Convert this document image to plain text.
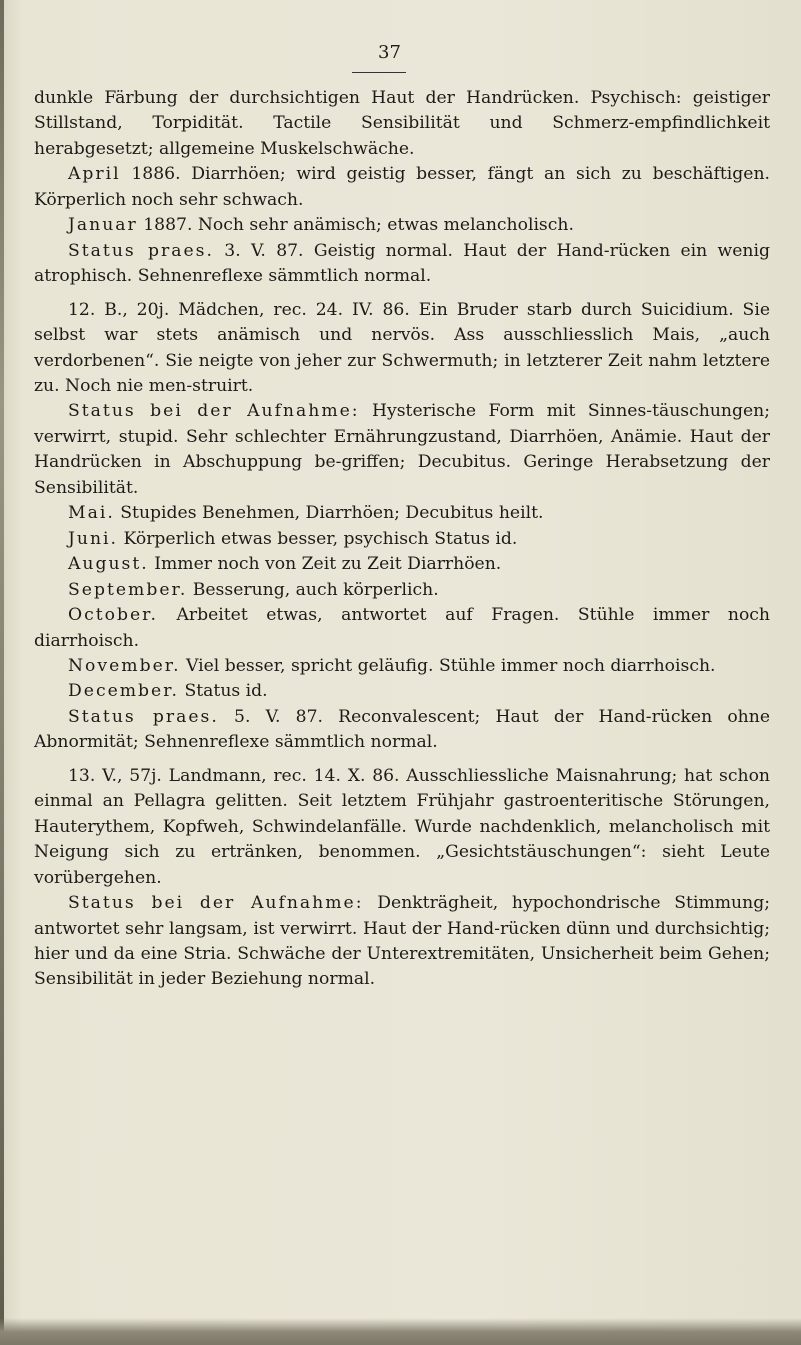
37

dunkle Färbung der durchsichtigen Haut der Handrücken. Psychisch: geistiger Stillstand, Torpidität. Tactile Sensibilität und Schmerz-empfindlichkeit herabgesetzt; allgemeine Muskelschwäche.

April 1886. Diarrhöen; wird geistig besser, fängt an sich zu beschäftigen. Körperlich noch sehr schwach.

Januar 1887. Noch sehr anämisch; etwas melancholisch.

Status praes. 3. V. 87. Geistig normal. Haut der Hand-rücken ein wenig atrophisch. Sehnenreflexe sämmtlich normal.

12. B., 20j. Mädchen, rec. 24. IV. 86. Ein Bruder starb durch Suicidium. Sie selbst war stets anämisch und nervös. Ass ausschliesslich Mais, „auch verdorbenen“. Sie neigte von jeher zur Schwermuth; in letzterer Zeit nahm letztere zu. Noch nie men-struirt.

Status bei der Aufnahme: Hysterische Form mit Sinnes-täuschungen; verwirrt, stupid. Sehr schlechter Ernährungzustand, Diarrhöen, Anämie. Haut der Handrücken in Abschuppung be-griffen; Decubitus. Geringe Herabsetzung der Sensibilität.

Mai. Stupides Benehmen, Diarrhöen; Decubitus heilt.

Juni. Körperlich etwas besser, psychisch Status id.

August. Immer noch von Zeit zu Zeit Diarrhöen.

September. Besserung, auch körperlich.

October. Arbeitet etwas, antwortet auf Fragen. Stühle immer noch diarrhoisch.

November. Viel besser, spricht geläufig. Stühle immer noch diarrhoisch.

December. Status id.

Status praes. 5. V. 87. Reconvalescent; Haut der Hand-rücken ohne Abnormität; Sehnenreflexe sämmtlich normal.

13. V., 57j. Landmann, rec. 14. X. 86. Ausschliessliche Maisnahrung; hat schon einmal an Pellagra gelitten. Seit letztem Frühjahr gastroenteritische Störungen, Hauterythem, Kopfweh, Schwindelanfälle. Wurde nachdenklich, melancholisch mit Neigung sich zu ertränken, benommen. „Gesichtstäuschungen“: sieht Leute vorübergehen.

Status bei der Aufnahme: Denkträgheit, hypochondrische Stimmung; antwortet sehr langsam, ist verwirrt. Haut der Hand-rücken dünn und durchsichtig; hier und da eine Stria. Schwäche der Unterextremitäten, Unsicherheit beim Gehen; Sensibilität in jeder Beziehung normal.
